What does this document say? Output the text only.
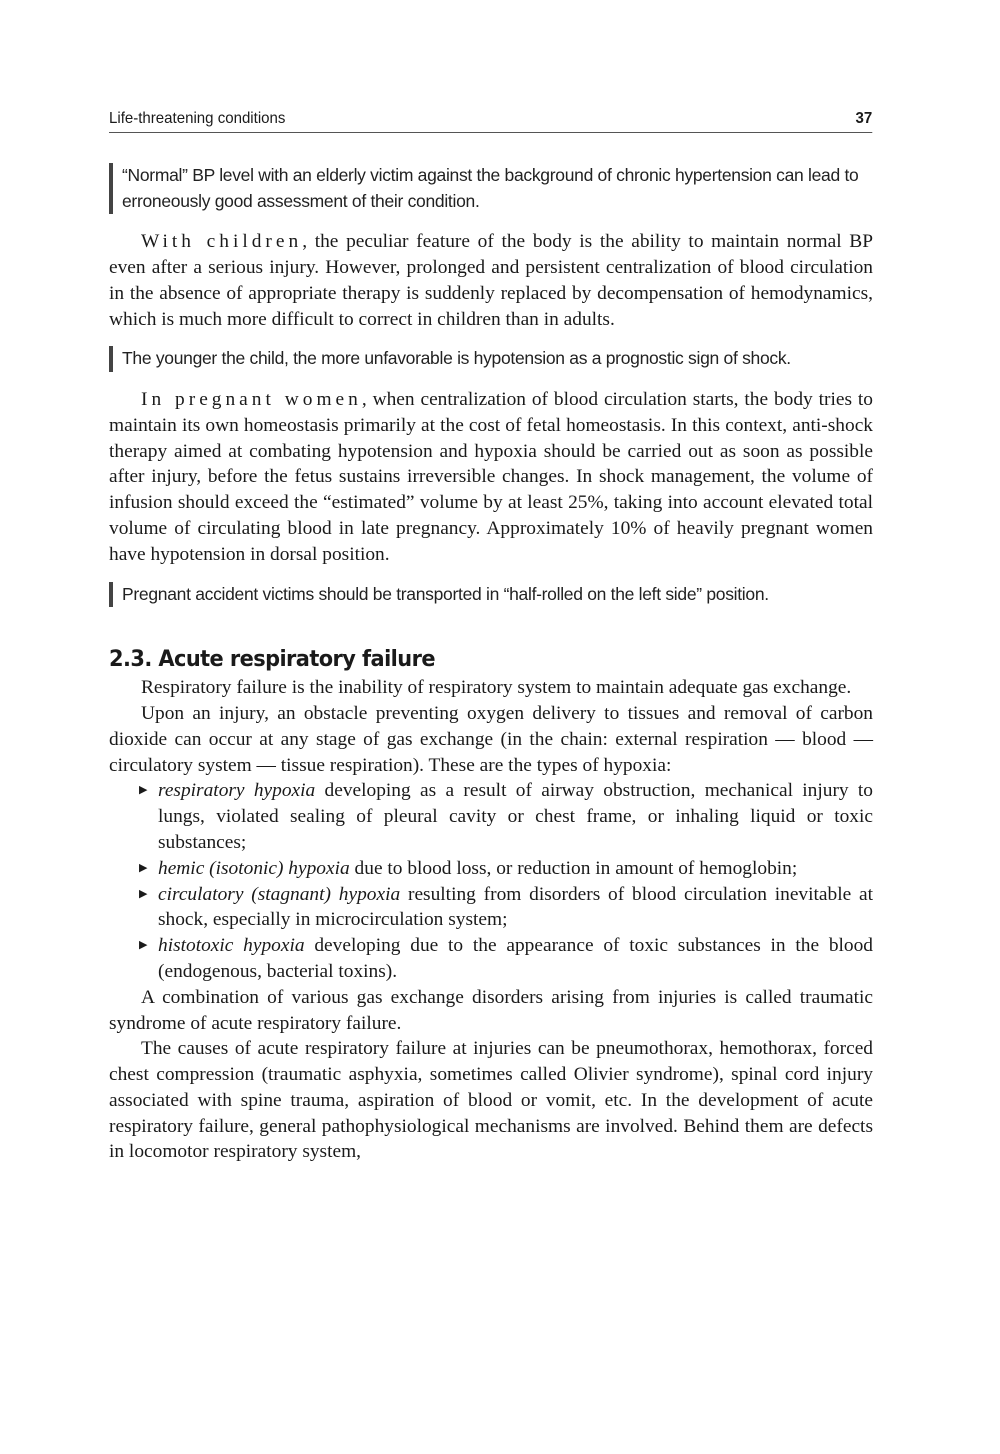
Life-threatening conditions	37
“Normal” BP level with an elderly victim against the background of chronic hypertension can lead to erroneously good assessment of their condition.

With children, the peculiar feature of the body is the ability to maintain normal BP even after a serious injury. However, prolonged and persistent centralization of blood circulation in the absence of appropriate therapy is suddenly replaced by decompensation of hemodynamics, which is much more difficult to correct in children than in adults.

The younger the child, the more unfavorable is hypotension as a prognostic sign of shock.

In pregnant women, when centralization of blood circulation starts, the body tries to maintain its own homeostasis primarily at the cost of fetal homeostasis. In this context, anti-shock therapy aimed at combating hypotension and hypoxia should be carried out as soon as possible after injury, before the fetus sustains irreversible changes. In shock management, the volume of infusion should exceed the “estimated” volume by at least 25%, taking into account elevated total volume of circulating blood in late pregnancy. Approximately 10% of heavily pregnant women have hypotension in dorsal position.

Pregnant accident victims should be transported in “half-rolled on the left side” position.
2.3. Acute respiratory failure

Respiratory failure is the inability of respiratory system to maintain adequate gas exchange.

Upon an injury, an obstacle preventing oxygen delivery to tissues and removal of carbon dioxide can occur at any stage of gas exchange (in the chain: external respiration — blood — circulatory system — tissue respiration). These are the types of hypoxia:

▶ respiratory hypoxia developing as a result of airway obstruction, mechanical injury to lungs, violated sealing of pleural cavity or chest frame, or inhaling liquid or toxic substances;
▶ hemic (isotonic) hypoxia due to blood loss, or reduction in amount of hemoglobin;
▶ circulatory (stagnant) hypoxia resulting from disorders of blood circulation inevitable at shock, especially in microcirculation system;
▶ histotoxic hypoxia developing due to the appearance of toxic substances in the blood (endogenous, bacterial toxins).

A combination of various gas exchange disorders arising from injuries is called traumatic syndrome of acute respiratory failure.

The causes of acute respiratory failure at injuries can be pneumothorax, hemothorax, forced chest compression (traumatic asphyxia, sometimes called Olivier syndrome), spinal cord injury associated with spine trauma, aspiration of blood or vomit, etc. In the development of acute respiratory failure, general pathophysiological mechanisms are involved. Behind them are defects in locomotor respiratory system,
